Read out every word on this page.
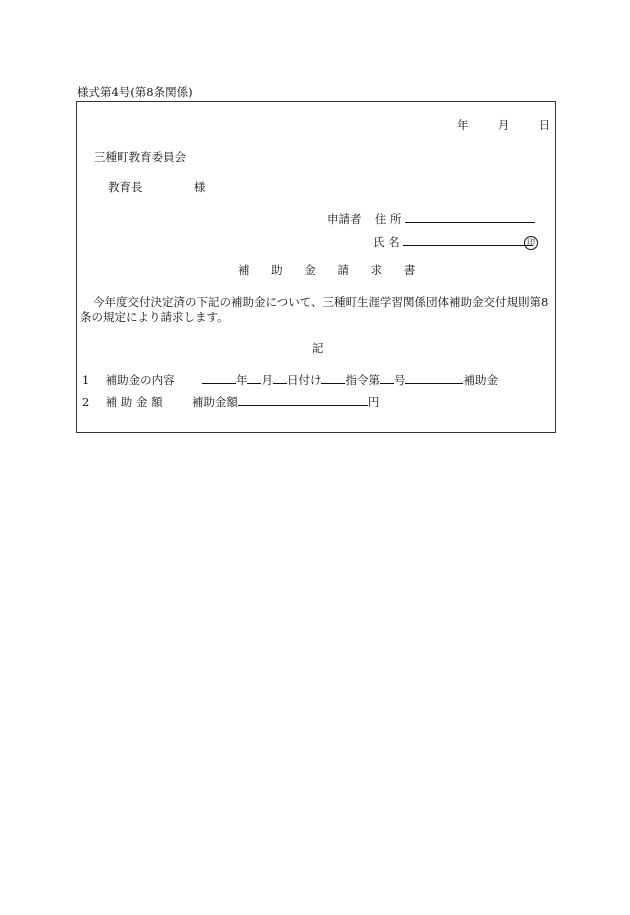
様式第4号(第8条関係)
年	月	日
三種町教育委員会
教育長	様
申請者 住 所
氏 名	印
補 助 金 請 求 書
今年度交付決定済の下記の補助金について、三種町生涯学習関係団体補助金交付規則第8条の規定により請求します。
記
1 補助金の内容	年 月 日付け 指令第 号	補助金
2 補 助 金 額	補助金額	円
